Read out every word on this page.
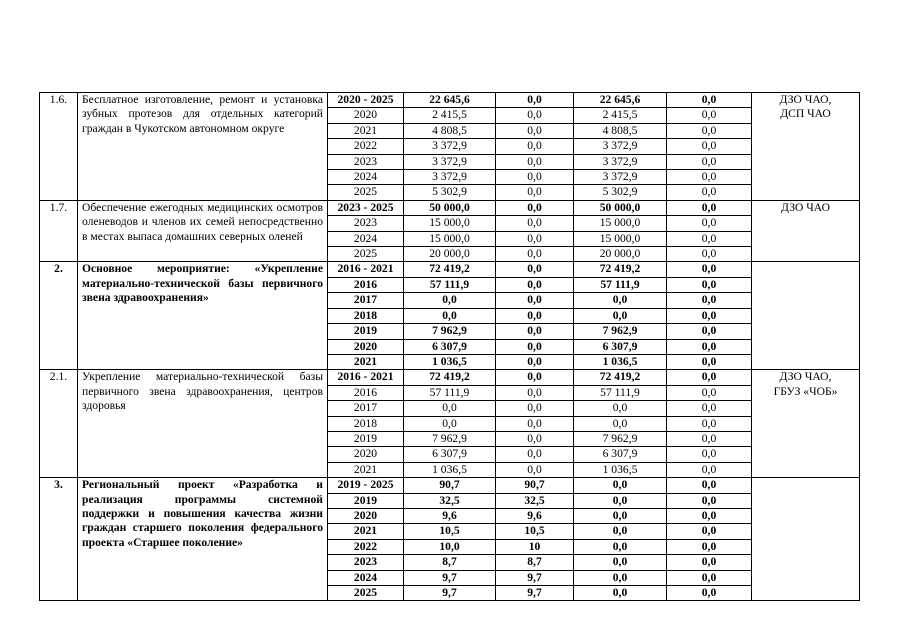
1.6.	Бесплатное изготовление, ремонт и установка зубных протезов для отдельных категорий граждан в Чукотском автономном округе	2020 - 2025	22 645,6	0,0	22 645,6	0,0	ДЗО ЧАО,
ДСП ЧАО

		2020	2 415,5	0,0	2 415,5	0,0	
		2021	4 808,5	0,0	4 808,5	0,0	
		2022	3 372,9	0,0	3 372,9	0,0	
		2023	3 372,9	0,0	3 372,9	0,0	
		2024	3 372,9	0,0	3 372,9	0,0	
		2025	5 302,9	0,0	5 302,9	0,0	
1.7.	Обеспечение ежегодных медицинских осмотров оленеводов и членов их семей непосредственно в местах выпаса домашних северных оленей	2023 - 2025	50 000,0	0,0	50 000,0	0,0	ДЗО ЧАО

		2023	15 000,0	0,0	15 000,0	0,0	
		2024	15 000,0	0,0	15 000,0	0,0	
		2025	20 000,0	0,0	20 000,0	0,0	
2.	Основное мероприятие: «Укрепление материально-технической базы первичного звена здравоохранения»	2016 - 2021	72 419,2	0,0	72 419,2	0,0	
		2016	57 111,9	0,0	57 111,9	0,0	
		2017	0,0	0,0	0,0	0,0	
		2018	0,0	0,0	0,0	0,0	
		2019	7 962,9	0,0	7 962,9	0,0	
		2020	6 307,9	0,0	6 307,9	0,0	
		2021	1 036,5	0,0	1 036,5	0,0	
2.1.	Укрепление материально-технической базы первичного звена здравоохранения, центров здоровья	2016 - 2021	72 419,2	0,0	72 419,2	0,0	ДЗО ЧАО,
ГБУЗ «ЧОБ»

		2016	57 111,9	0,0	57 111,9	0,0	
		2017	0,0	0,0	0,0	0,0	
		2018	0,0	0,0	0,0	0,0	
		2019	7 962,9	0,0	7 962,9	0,0	
		2020	6 307,9	0,0	6 307,9	0,0	
		2021	1 036,5	0,0	1 036,5	0,0	
3.	Региональный проект «Разработка и реализация программы системной поддержки и повышения качества жизни граждан старшего поколения федерального проекта «Старшее поколение»	2019 - 2025	90,7	90,7	0,0	0,0	
		2019	32,5	32,5	0,0	0,0	
		2020	9,6	9,6	0,0	0,0	
		2021	10,5	10,5	0,0	0,0	
		2022	10,0	10	0,0	0,0	
		2023	8,7	8,7	0,0	0,0	
		2024	9,7	9,7	0,0	0,0	
		2025	9,7	9,7	0,0	0,0	
